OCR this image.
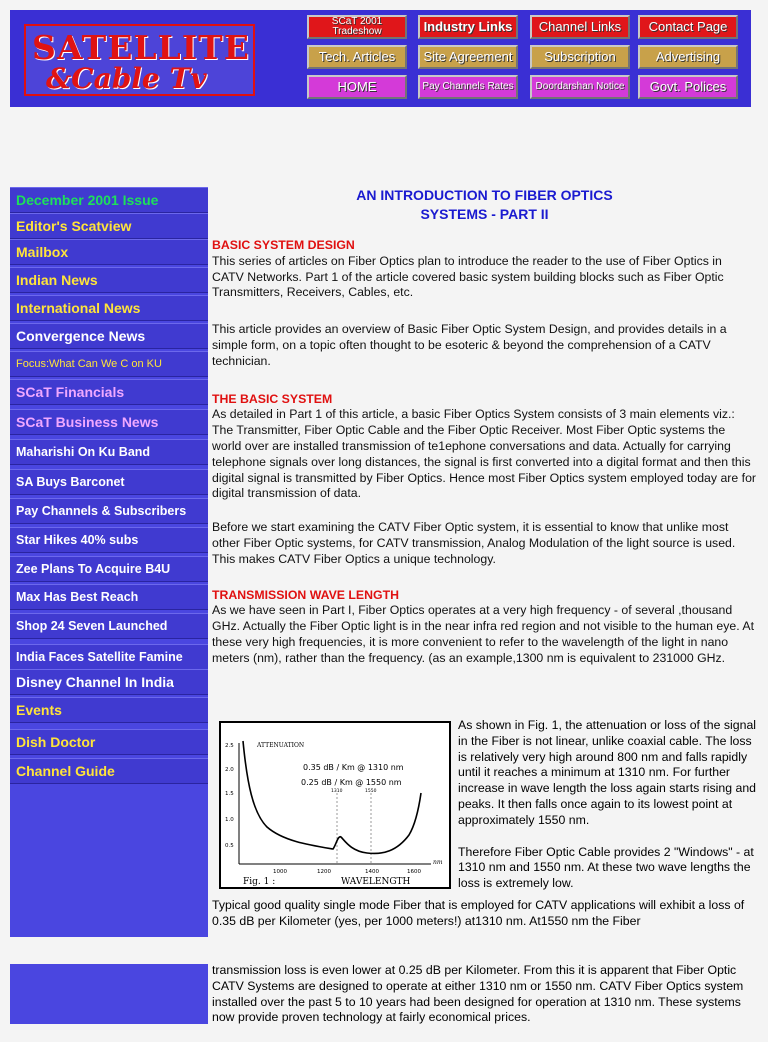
SATELLITE
&Cable Tv
SCaT 2001 Tradeshow	Industry Links	Channel Links	Contact Page
Tech. Articles	Site Agreement	Subscription	Advertising
HOME	Pay Channels Rates	Doordarshan Notice	Govt. Polices
December 2001 Issue
Editor's Scatview
Mailbox
Indian News
International News
Convergence News
Focus:What Can We C on KU
SCaT Financials
SCaT Business News
Maharishi On Ku Band
SA Buys Barconet
Pay Channels & Subscribers
Star Hikes 40% subs
Zee Plans To Acquire B4U
Max Has Best Reach
Shop 24 Seven Launched
India Faces Satellite Famine
Disney Channel In India
Events
Dish Doctor
Channel Guide
AN INTRODUCTION TO FIBER OPTICS
SYSTEMS - PART II
BASIC SYSTEM DESIGN

This series of articles on Fiber Optics plan to introduce the reader to the use of Fiber Optics in CATV Networks. Part 1 of the article covered basic system building blocks such as Fiber Optic Transmitters, Receivers, Cables, etc.

This article provides an overview of Basic Fiber Optic System Design, and provides details in a simple form, on a topic often thought to be esoteric & beyond the comprehension of a CATV technician.

THE BASIC SYSTEM

As detailed in Part 1 of this article, a basic Fiber Optics System consists of 3 main elements viz.: The Transmitter, Fiber Optic Cable and the Fiber Optic Receiver. Most Fiber Optic systems the world over are installed transmission of te1ephone conversations and data. Actually for carrying telephone signals over long distances, the signal is first converted into a digital format and then this digital signal is transmitted by Fiber Optics. Hence most Fiber Optics system employed today are for digital transmission of data.

Before we start examining the CATV Fiber Optic system, it is essential to know that unlike most other Fiber Optic systems, for CATV transmission, Analog Modulation of the light source is used. This makes CATV Fiber Optics a unique technology.

TRANSMISSION WAVE LENGTH

As we have seen in Part I, Fiber Optics operates at a very high frequency - of several ,thousand GHz. Actually the Fiber Optic light is in the near infra red region and not visible to the human eye. At these very high frequencies, it is more convenient to refer to the wavelength of the light in nano meters (nm), rather than the frequency. (as an example,1300 nm is equivalent to 231000 GHz.

ATTENUATION
2.5
2.0
1.5
1.0
0.5
1000	1200	1400	1600
nm
1310	1550
0.35 dB / Km @ 1310 nm
0.25 dB / Km @ 1550 nm
Fig. 1 :	WAVELENGTH

As shown in Fig. 1, the attenuation or loss of the signal in the Fiber is not linear, unlike coaxial cable. The loss is relatively very high around 800 nm and falls rapidly until it reaches a minimum at 1310 nm. For further increase in wave length the loss again starts rising and peaks. It then falls once again to its lowest point at approximately 1550 nm.

Therefore Fiber Optic Cable provides 2 "Windows" - at 1310 nm and 1550 nm. At these two wave lengths the loss is extremely low.

Typical good quality single mode Fiber that is employed for CATV applications will exhibit a loss of 0.35 dB per Kilometer (yes, per 1000 meters!) at1310 nm. At1550 nm the Fiber

transmission loss is even lower at 0.25 dB per Kilometer. From this it is apparent that Fiber Optic CATV Systems are designed to operate at either 1310 nm or 1550 nm. CATV Fiber Optics system installed over the past 5 to 10 years had been designed for operation at 1310 nm. These systems now provide proven technology at fairly economical prices.
